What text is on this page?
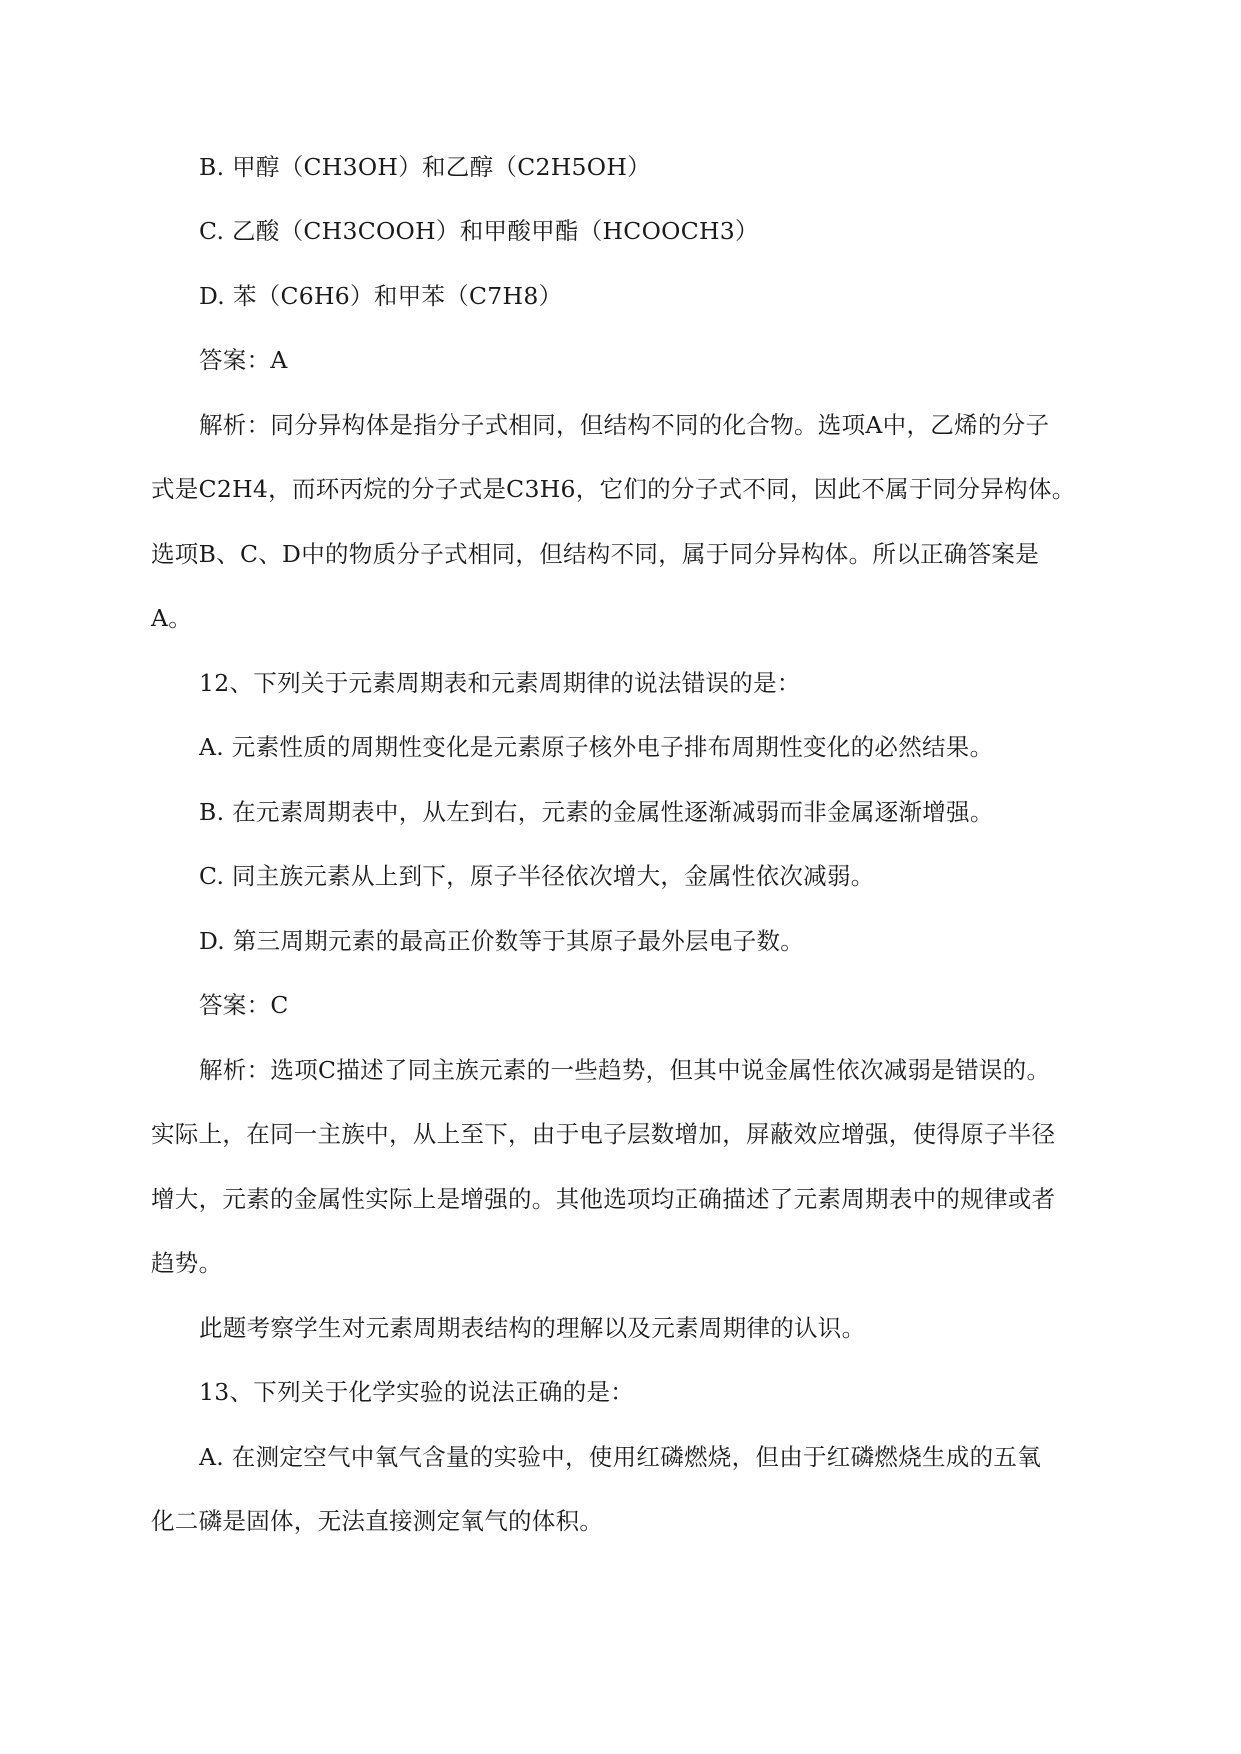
B. 甲醇（CH3OH）和乙醇（C2H5OH）
C. 乙酸（CH3COOH）和甲酸甲酯（HCOOCH3）
D. 苯（C6H6）和甲苯（C7H8）
答案：A
解析：同分异构体是指分子式相同，但结构不同的化合物。选项A中，乙烯的分子
式是C2H4，而环丙烷的分子式是C3H6，它们的分子式不同，因此不属于同分异构体。
选项B、C、D中的物质分子式相同，但结构不同，属于同分异构体。所以正确答案是
A。
12、下列关于元素周期表和元素周期律的说法错误的是：
A. 元素性质的周期性变化是元素原子核外电子排布周期性变化的必然结果。
B. 在元素周期表中，从左到右，元素的金属性逐渐减弱而非金属逐渐增强。
C. 同主族元素从上到下，原子半径依次增大，金属性依次减弱。
D. 第三周期元素的最高正价数等于其原子最外层电子数。
答案：C
解析：选项C描述了同主族元素的一些趋势，但其中说金属性依次减弱是错误的。
实际上，在同一主族中，从上至下，由于电子层数增加，屏蔽效应增强，使得原子半径
增大，元素的金属性实际上是增强的。其他选项均正确描述了元素周期表中的规律或者
趋势。
此题考察学生对元素周期表结构的理解以及元素周期律的认识。
13、下列关于化学实验的说法正确的是：
A. 在测定空气中氧气含量的实验中，使用红磷燃烧，但由于红磷燃烧生成的五氧
化二磷是固体，无法直接测定氧气的体积。
